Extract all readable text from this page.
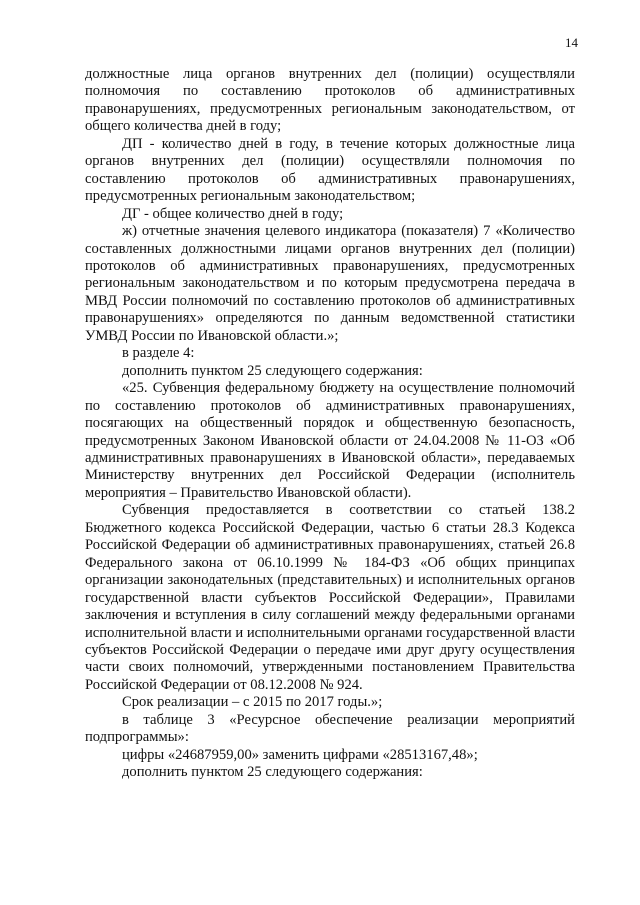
14

должностные лица органов внутренних дел (полиции) осуществляли полномочия по составлению протоколов об административных правонарушениях, предусмотренных региональным законодательством, от общего количества дней в году;

ДП - количество дней в году, в течение которых должностные лица органов внутренних дел (полиции) осуществляли полномочия по составлению протоколов об административных правонарушениях, предусмотренных региональным законодательством;

ДГ - общее количество дней в году;

ж) отчетные значения целевого индикатора (показателя) 7 «Количество составленных должностными лицами органов внутренних дел (полиции) протоколов об административных правонарушениях, предусмотренных региональным законодательством и по которым предусмотрена передача в МВД России полномочий по составлению протоколов об административных правонарушениях» определяются по данным ведомственной статистики УМВД России по Ивановской области.»;

в разделе 4:

дополнить пунктом 25 следующего содержания:

«25. Субвенция федеральному бюджету на осуществление полномочий по составлению протоколов об административных правонарушениях, посягающих на общественный порядок и общественную безопасность, предусмотренных Законом Ивановской области от 24.04.2008 № 11-ОЗ «Об административных правонарушениях в Ивановской области», передаваемых Министерству внутренних дел Российской Федерации (исполнитель мероприятия – Правительство Ивановской области).

Субвенция предоставляется в соответствии со статьей 138.2 Бюджетного кодекса Российской Федерации, частью 6 статьи 28.3 Кодекса Российской Федерации об административных правонарушениях, статьей 26.8 Федерального закона от 06.10.1999 № 184-ФЗ «Об общих принципах организации законодательных (представительных) и исполнительных органов государственной власти субъектов Российской Федерации», Правилами заключения и вступления в силу соглашений между федеральными органами исполнительной власти и исполнительными органами государственной власти субъектов Российской Федерации о передаче ими друг другу осуществления части своих полномочий, утвержденными постановлением Правительства Российской Федерации от 08.12.2008 № 924.

Срок реализации – с 2015 по 2017 годы.»;

в таблице 3 «Ресурсное обеспечение реализации мероприятий подпрограммы»:

цифры «24687959,00» заменить цифрами «28513167,48»;

дополнить пунктом 25 следующего содержания:
